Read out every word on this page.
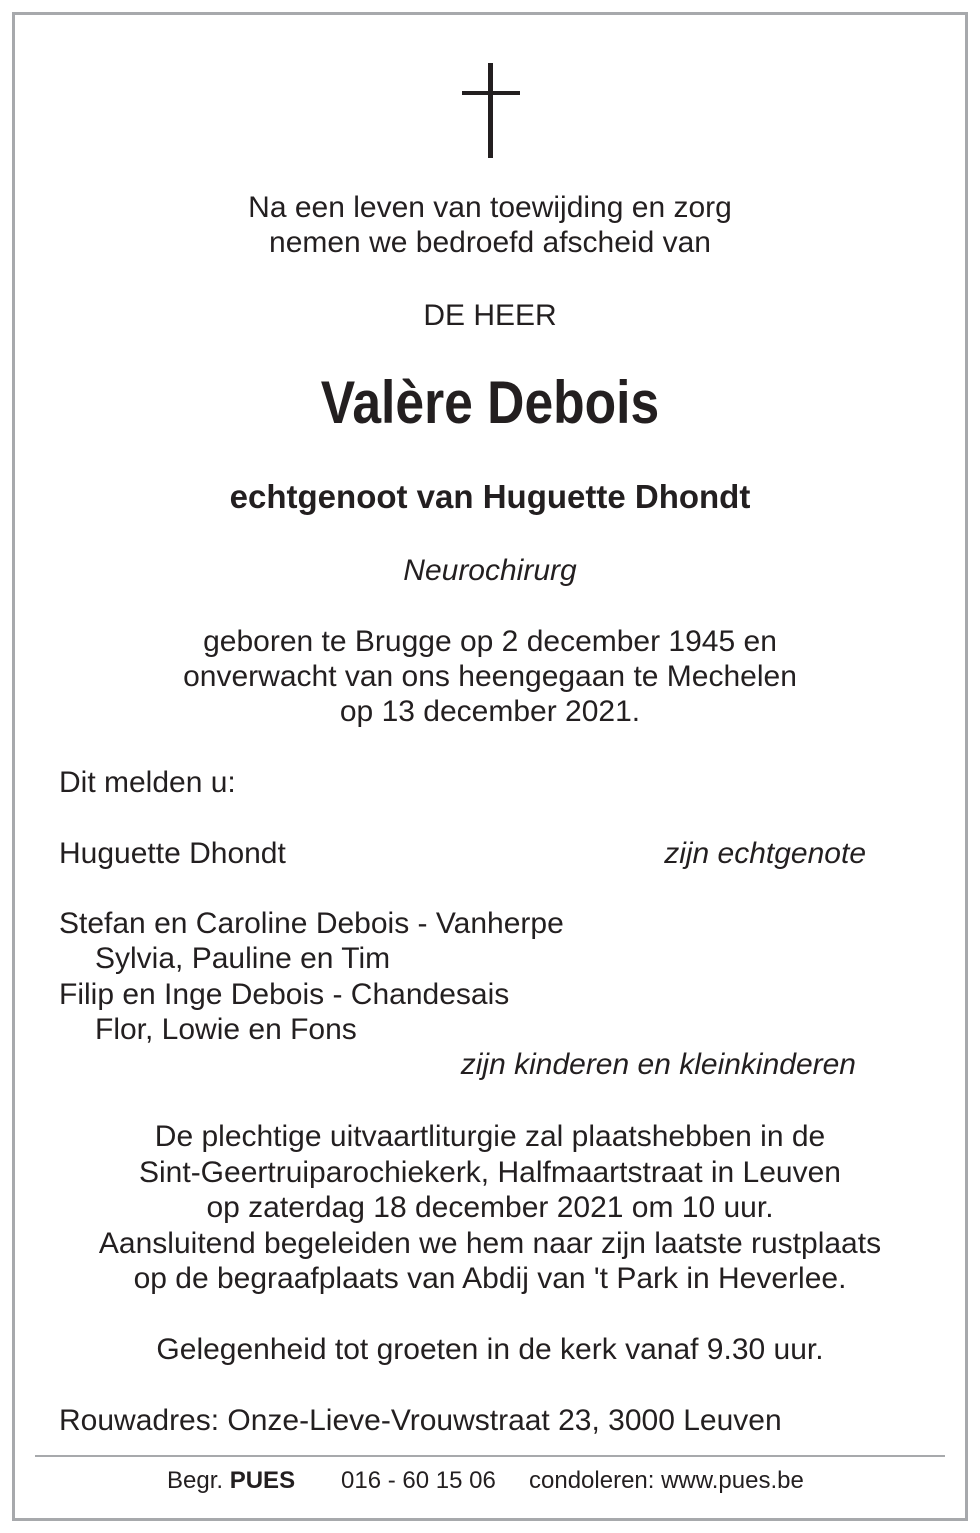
Na een leven van toewijding en zorg
nemen we bedroefd afscheid van
DE HEER
Valère Debois
echtgenoot van Huguette Dhondt
Neurochirurg
geboren te Brugge op 2 december 1945 en
onverwacht van ons heengegaan te Mechelen
op 13 december 2021.
Dit melden u:
Huguette Dhondt	zijn echtgenote
Stefan en Caroline Debois - Vanherpe
Sylvia, Pauline en Tim
Filip en Inge Debois - Chandesais
Flor, Lowie en Fons
zijn kinderen en kleinkinderen
De plechtige uitvaartliturgie zal plaatshebben in de
Sint-Geertruiparochiekerk, Halfmaartstraat in Leuven
op zaterdag 18 december 2021 om 10 uur.
Aansluitend begeleiden we hem naar zijn laatste rustplaats
op de begraafplaats van Abdij van 't Park in Heverlee.
Gelegenheid tot groeten in de kerk vanaf 9.30 uur.
Rouwadres: Onze-Lieve-Vrouwstraat 23, 3000 Leuven
Begr. PUES 016 - 60 15 06 condoleren: www.pues.be
